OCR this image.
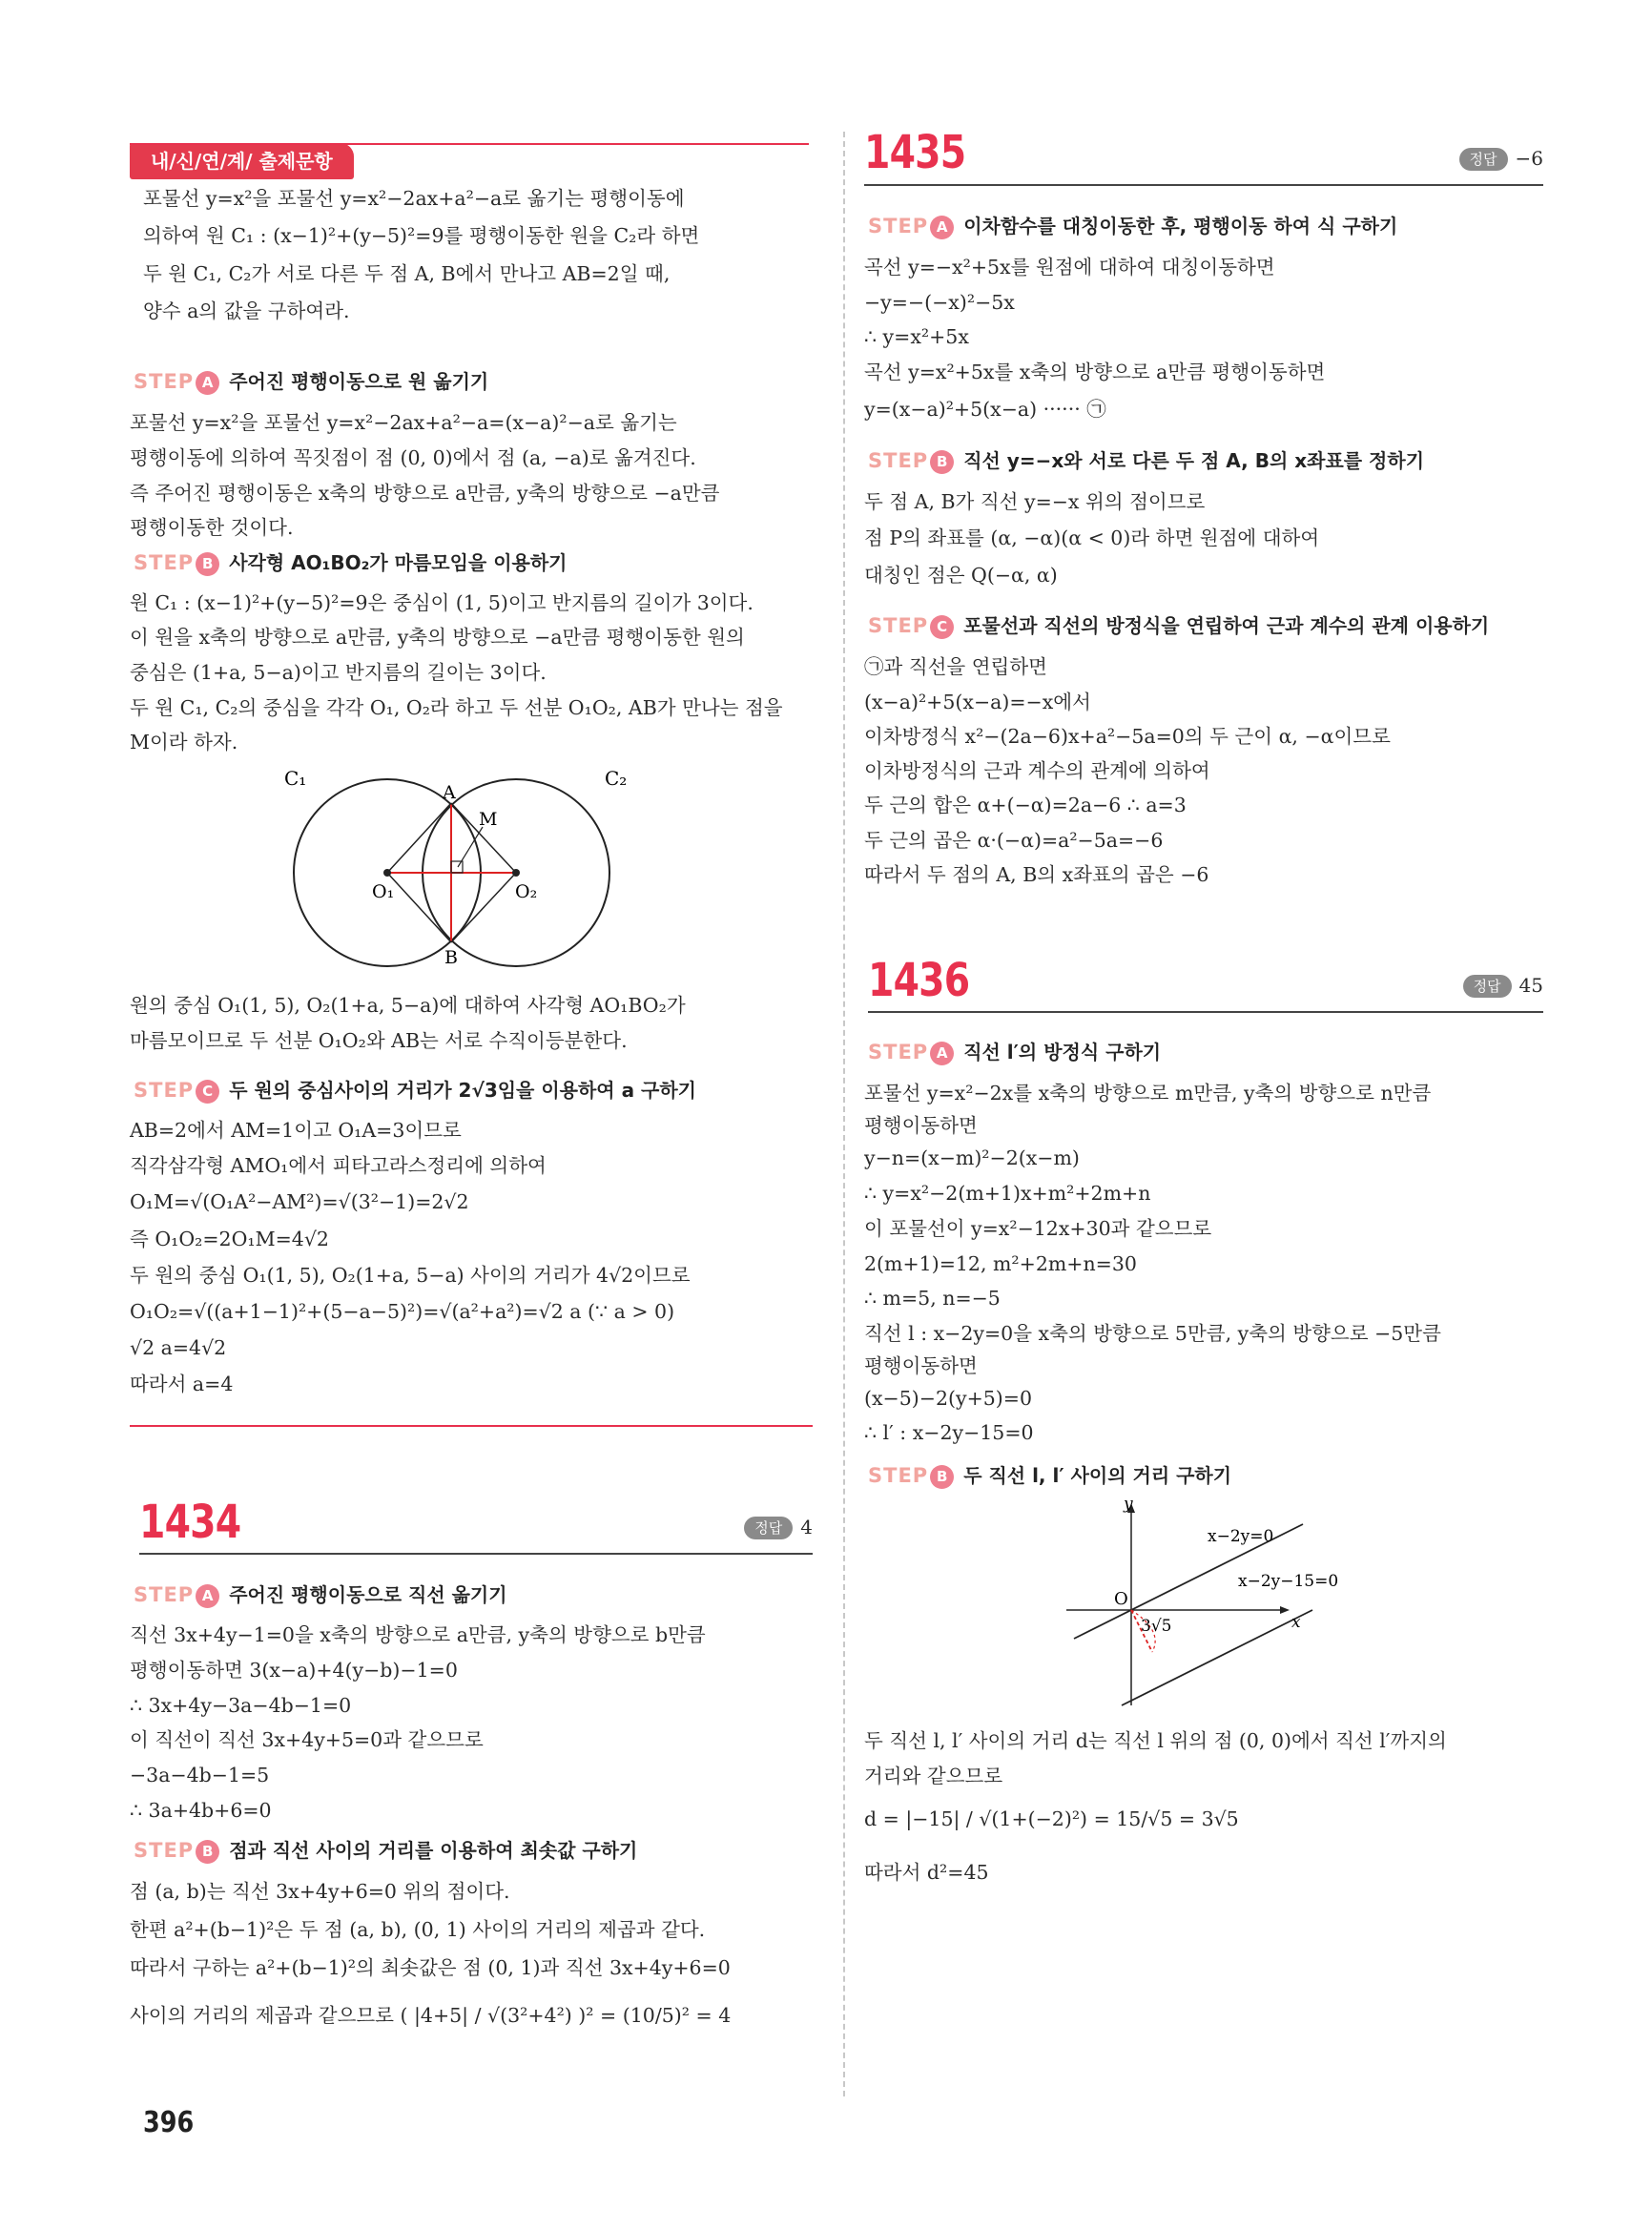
내/신/연/계/ 출제문항
포물선 y=x²을 포물선 y=x²−2ax+a²−a로 옮기는 평행이동에
의하여 원 C₁ : (x−1)²+(y−5)²=9를 평행이동한 원을 C₂라 하면
두 원 C₁, C₂가 서로 다른 두 점 A, B에서 만나고 AB=2일 때,
양수 a의 값을 구하여라.
STEP A 주어진 평행이동으로 원 옮기기
포물선 y=x²을 포물선 y=x²−2ax+a²−a=(x−a)²−a로 옮기는
평행이동에 의하여 꼭짓점이 점 (0, 0)에서 점 (a, −a)로 옮겨진다.
즉 주어진 평행이동은 x축의 방향으로 a만큼, y축의 방향으로 −a만큼
평행이동한 것이다.
STEP B 사각형 AO₁BO₂가 마름모임을 이용하기
원 C₁ : (x−1)²+(y−5)²=9은 중심이 (1, 5)이고 반지름의 길이가 3이다.
이 원을 x축의 방향으로 a만큼, y축의 방향으로 −a만큼 평행이동한 원의
중심은 (1+a, 5−a)이고 반지름의 길이는 3이다.
두 원 C₁, C₂의 중심을 각각 O₁, O₂라 하고 두 선분 O₁O₂, AB가 만나는 점을
M이라 하자.
C₁	C₂
A
B
M
O₁	O₂
원의 중심 O₁(1, 5), O₂(1+a, 5−a)에 대하여 사각형 AO₁BO₂가
마름모이므로 두 선분 O₁O₂와 AB는 서로 수직이등분한다.
STEP C 두 원의 중심사이의 거리가 2√3임을 이용하여 a 구하기
AB=2에서 AM=1이고 O₁A=3이므로
직각삼각형 AMO₁에서 피타고라스정리에 의하여
O₁M=√(O₁A²−AM²)=√(3²−1)=2√2
즉 O₁O₂=2O₁M=4√2
두 원의 중심 O₁(1, 5), O₂(1+a, 5−a) 사이의 거리가 4√2이므로
O₁O₂=√((a+1−1)²+(5−a−5)²)=√(a²+a²)=√2 a (∵ a > 0)
√2 a=4√2
따라서 a=4
1434	정답 4
STEP A 주어진 평행이동으로 직선 옮기기
직선 3x+4y−1=0을 x축의 방향으로 a만큼, y축의 방향으로 b만큼
평행이동하면 3(x−a)+4(y−b)−1=0
∴ 3x+4y−3a−4b−1=0
이 직선이 직선 3x+4y+5=0과 같으므로
−3a−4b−1=5
∴ 3a+4b+6=0
STEP B 점과 직선 사이의 거리를 이용하여 최솟값 구하기
점 (a, b)는 직선 3x+4y+6=0 위의 점이다.
한편 a²+(b−1)²은 두 점 (a, b), (0, 1) 사이의 거리의 제곱과 같다.
따라서 구하는 a²+(b−1)²의 최솟값은 점 (0, 1)과 직선 3x+4y+6=0
사이의 거리의 제곱과 같으므로 ( |4+5| / √(3²+4²) )² = (10/5)² = 4
1435	정답 −6
STEP A 이차함수를 대칭이동한 후, 평행이동 하여 식 구하기
곡선 y=−x²+5x를 원점에 대하여 대칭이동하면
−y=−(−x)²−5x
∴ y=x²+5x
곡선 y=x²+5x를 x축의 방향으로 a만큼 평행이동하면
y=(x−a)²+5(x−a) ······ ㉠
STEP B 직선 y=−x와 서로 다른 두 점 A, B의 x좌표를 정하기
두 점 A, B가 직선 y=−x 위의 점이므로
점 P의 좌표를 (α, −α)(α < 0)라 하면 원점에 대하여
대칭인 점은 Q(−α, α)
STEP C 포물선과 직선의 방정식을 연립하여 근과 계수의 관계 이용하기
㉠과 직선을 연립하면
(x−a)²+5(x−a)=−x에서
이차방정식 x²−(2a−6)x+a²−5a=0의 두 근이 α, −α이므로
이차방정식의 근과 계수의 관계에 의하여
두 근의 합은 α+(−α)=2a−6 ∴ a=3
두 근의 곱은 α·(−α)=a²−5a=−6
따라서 두 점의 A, B의 x좌표의 곱은 −6
1436	정답 45
STEP A 직선 l′의 방정식 구하기
포물선 y=x²−2x를 x축의 방향으로 m만큼, y축의 방향으로 n만큼
평행이동하면
y−n=(x−m)²−2(x−m)
∴ y=x²−2(m+1)x+m²+2m+n
이 포물선이 y=x²−12x+30과 같으므로
2(m+1)=12, m²+2m+n=30
∴ m=5, n=−5
직선 l : x−2y=0을 x축의 방향으로 5만큼, y축의 방향으로 −5만큼
평행이동하면
(x−5)−2(y+5)=0
∴ l′ : x−2y−15=0
STEP B 두 직선 l, l′ 사이의 거리 구하기
y
x
O
x−2y=0
x−2y−15=0
3√5
두 직선 l, l′ 사이의 거리 d는 직선 l 위의 점 (0, 0)에서 직선 l′까지의
거리와 같으므로
d = |−15| / √(1+(−2)²) = 15/√5 = 3√5
따라서 d²=45
396
